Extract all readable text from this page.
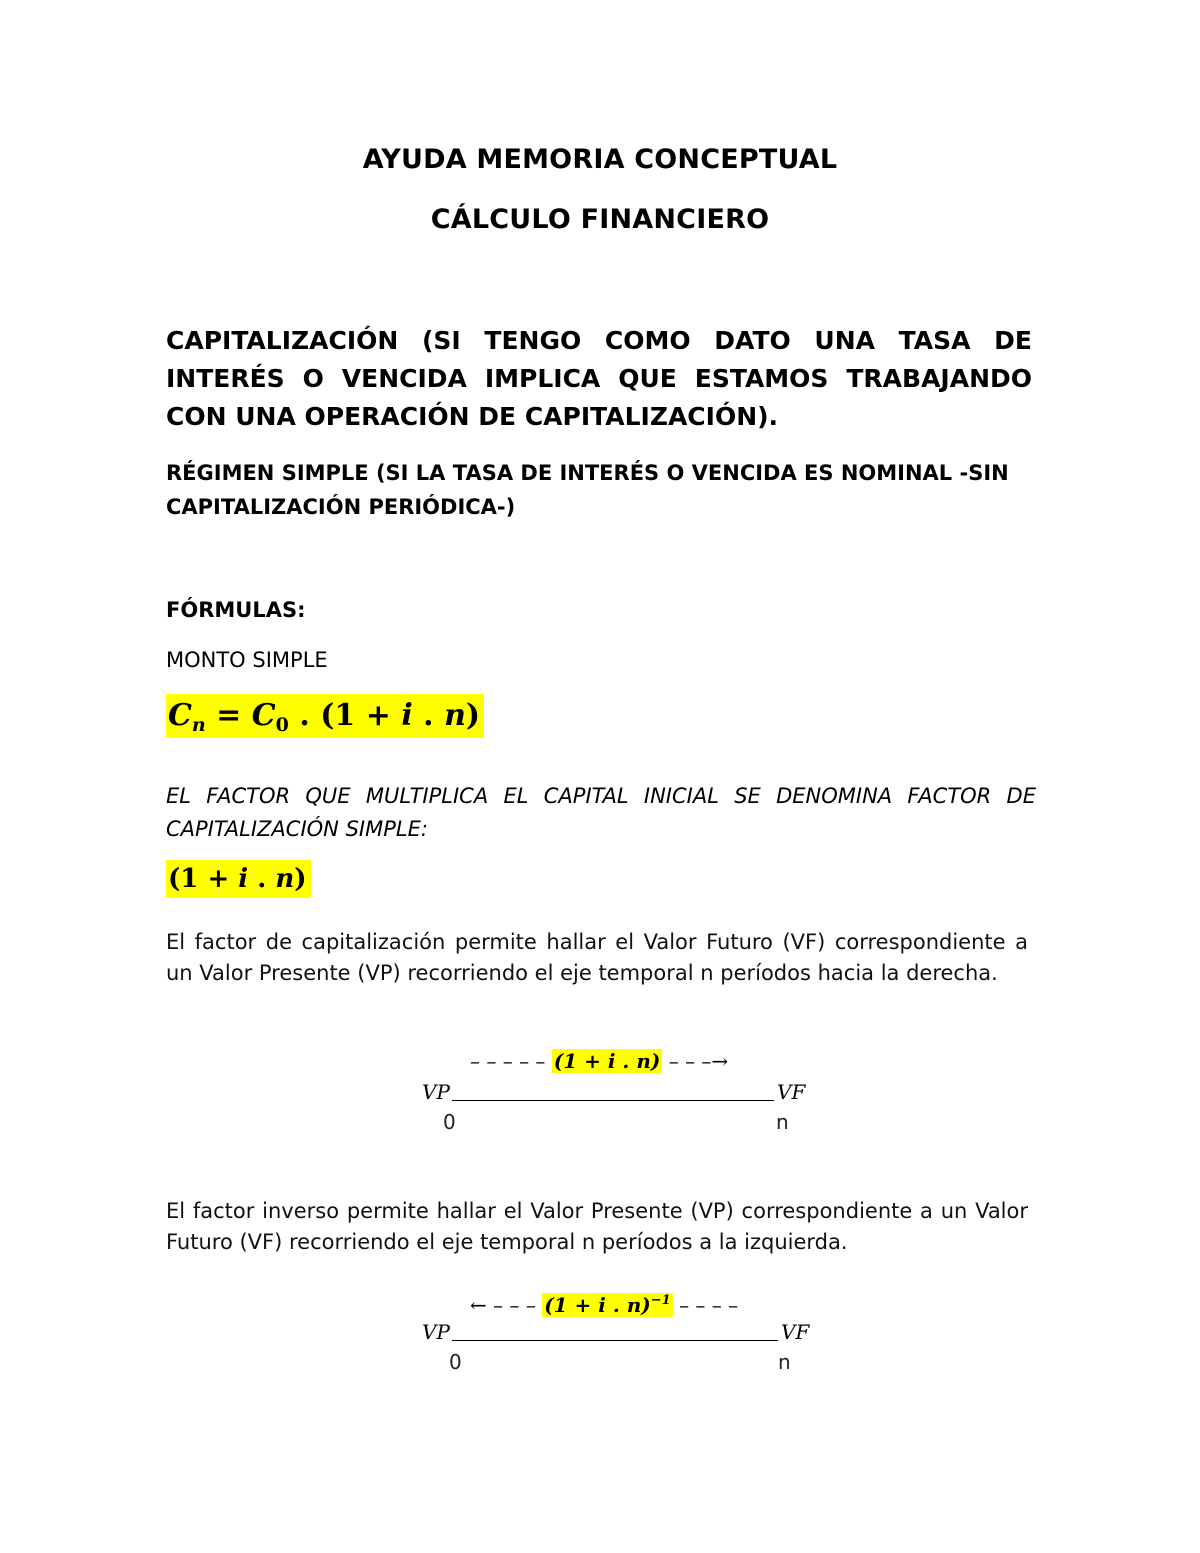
AYUDA MEMORIA CONCEPTUAL
CÁLCULO FINANCIERO
CAPITALIZACIÓN (SI TENGO COMO DATO UNA TASA DE INTERÉS O VENCIDA IMPLICA QUE ESTAMOS TRABAJANDO CON UNA OPERACIÓN DE CAPITALIZACIÓN).
RÉGIMEN SIMPLE (SI LA TASA DE INTERÉS O VENCIDA ES NOMINAL -SIN CAPITALIZACIÓN PERIÓDICA-)
FÓRMULAS:
MONTO SIMPLE
$C_n = C_0$ . (1 + i . n)
EL FACTOR QUE MULTIPLICA EL CAPITAL INICIAL SE DENOMINA FACTOR DE CAPITALIZACIÓN SIMPLE:
(1 + i . n)
El factor de capitalización permite hallar el Valor Futuro (VF) correspondiente a un Valor Presente (VP) recorriendo el eje temporal n períodos hacia la derecha.
– – – – – (1 + i . n) – – –→
VP	VF
0	n
El factor inverso permite hallar el Valor Presente (VP) correspondiente a un Valor Futuro (VF) recorriendo el eje temporal n períodos a la izquierda.
← – – – (1 + i . n)$^{-1}$ – – – –
VP	VF
0	n
